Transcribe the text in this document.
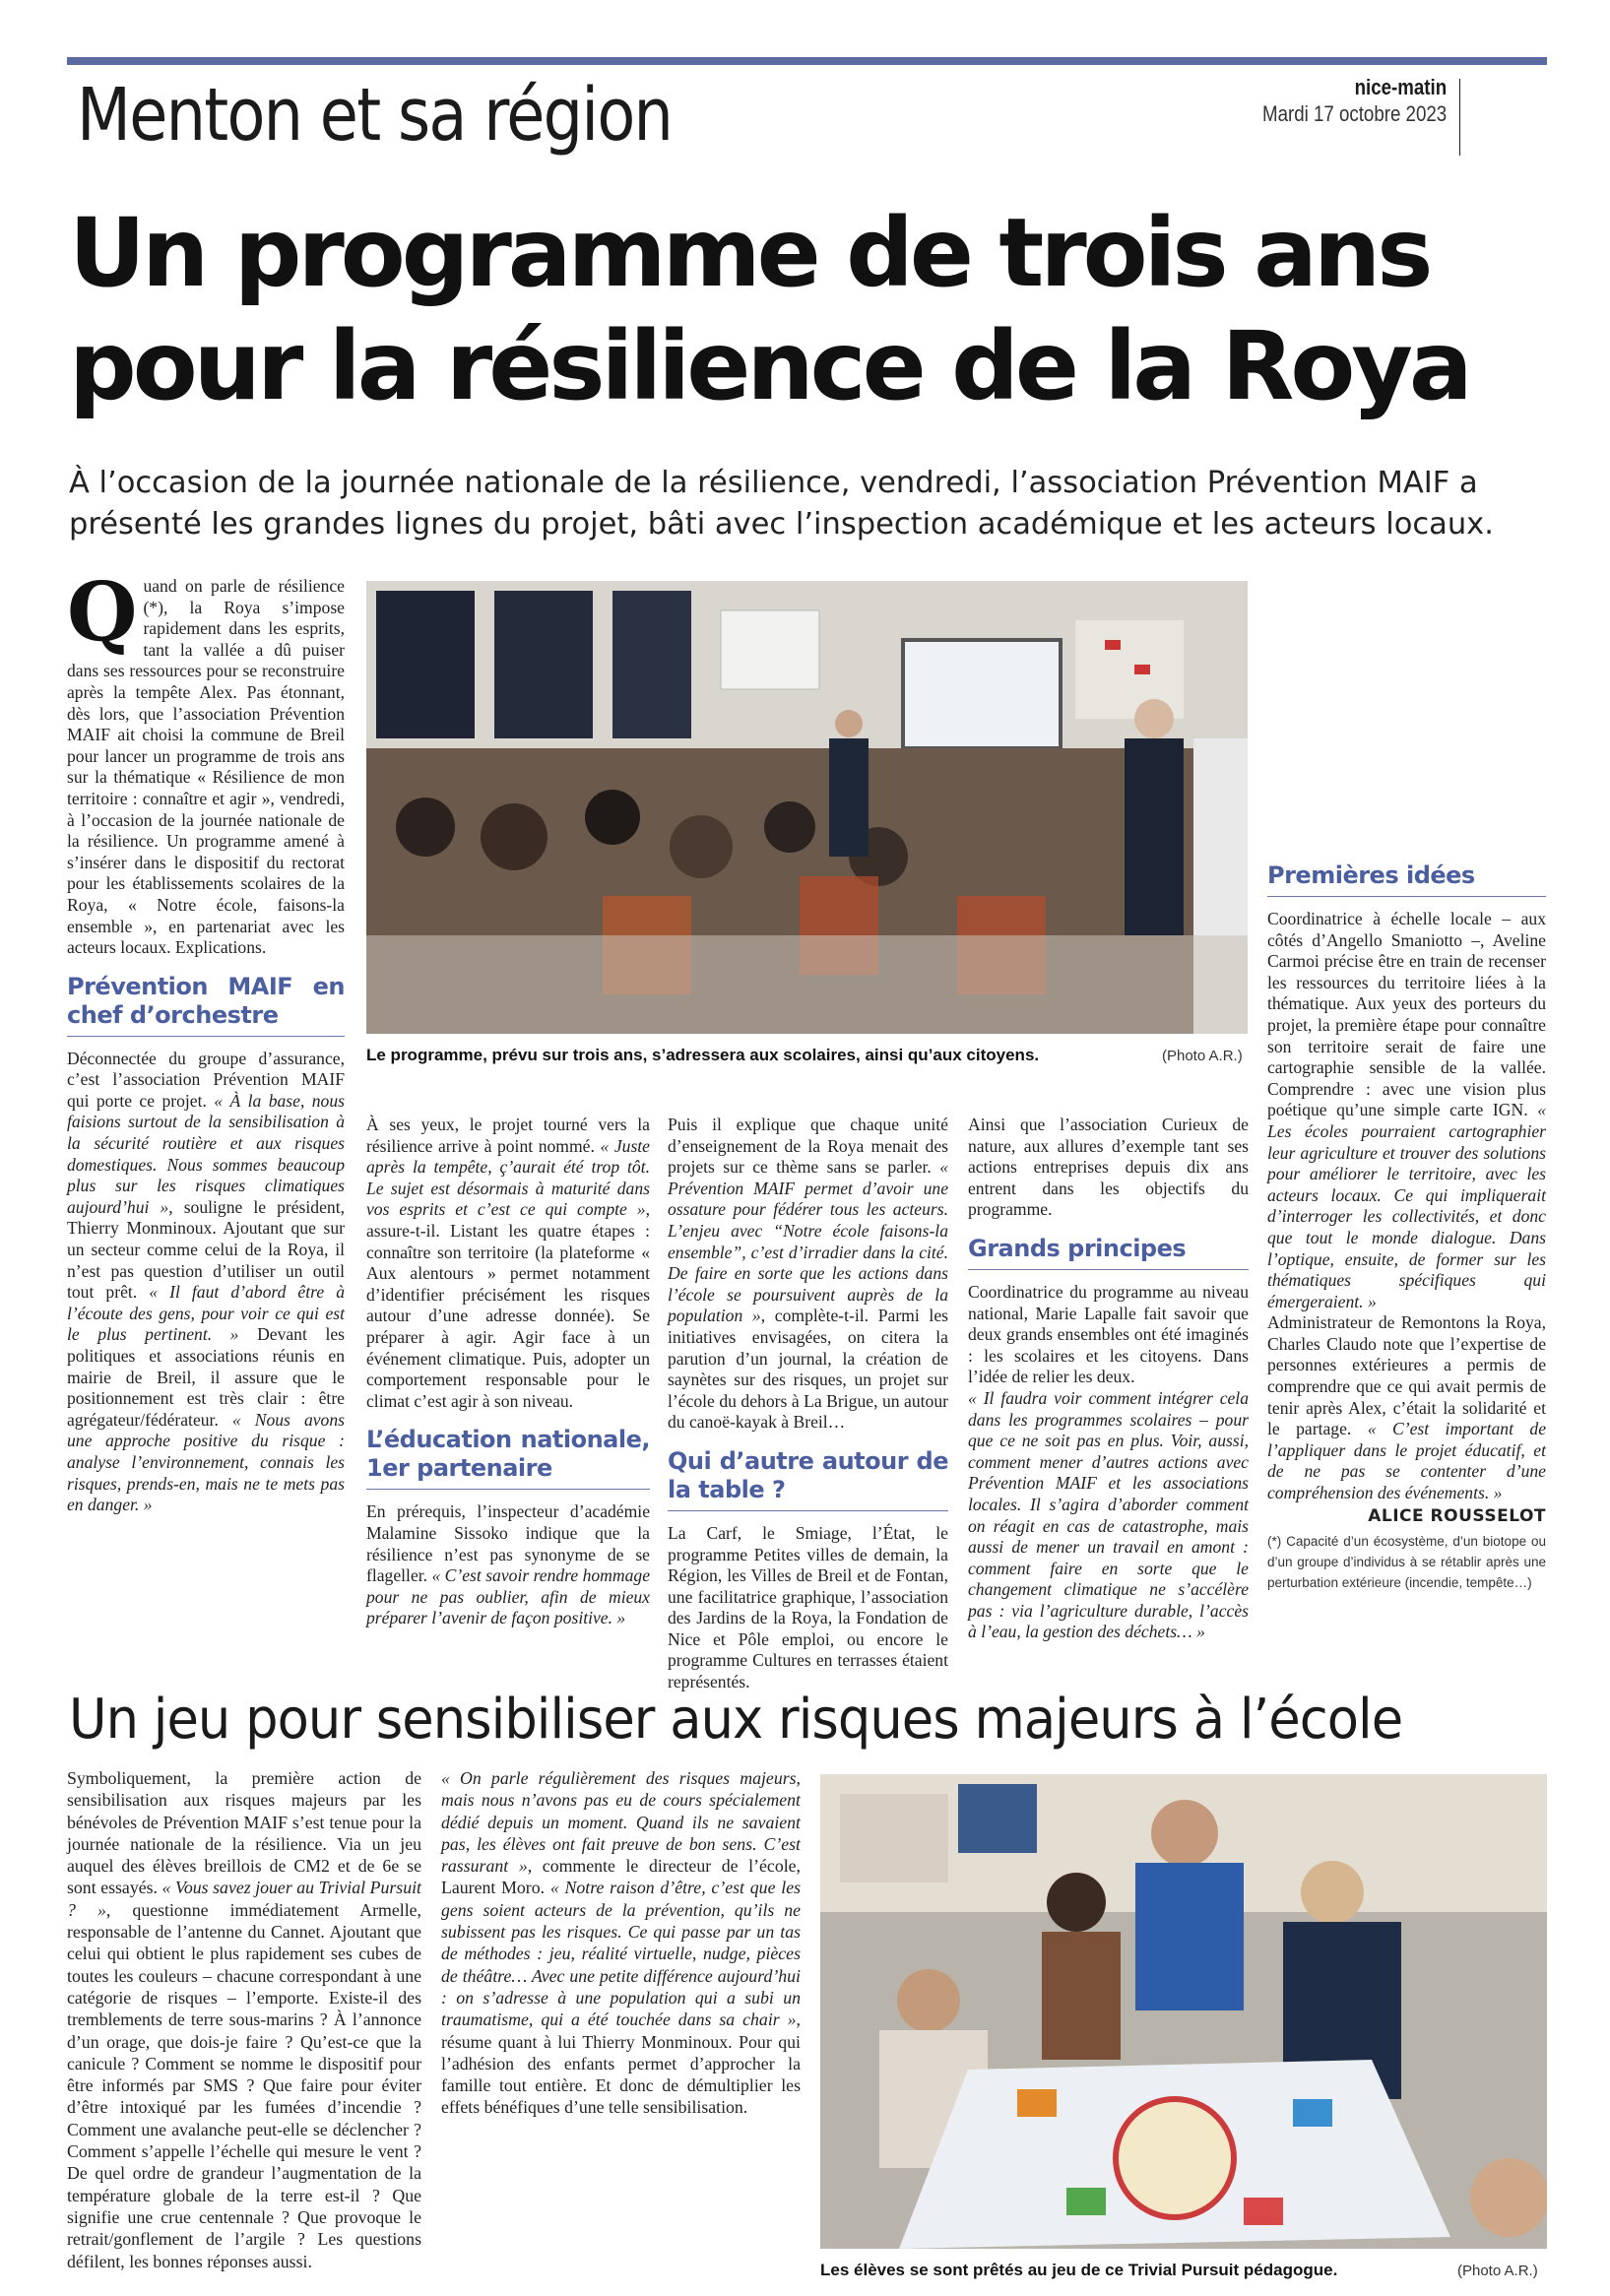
Menton et sa région	nice-matin
Mardi 17 octobre 2023
Un programme de trois ans pour la résilience de la Roya
À l’occasion de la journée nationale de la résilience, vendredi, l’association Prévention MAIF a présenté les grandes lignes du projet, bâti avec l’inspection académique et les acteurs locaux.

Quand on parle de résilience (*), la Roya s’impose rapidement dans les esprits, tant la vallée a dû puiser dans ses ressources pour se reconstruire après la tempête Alex. Pas étonnant, dès lors, que l’association Prévention MAIF ait choisi la commune de Breil pour lancer un programme de trois ans sur la thématique « Résilience de mon territoire : connaître et agir », vendredi, à l’occasion de la journée nationale de la résilience. Un programme amené à s’insérer dans le dispositif du rectorat pour les établissements scolaires de la Roya, « Notre école, faisons-la ensemble », en partenariat avec les acteurs locaux. Explications.

Prévention MAIF en chef d’orchestre

Déconnectée du groupe d’assurance, c’est l’association Prévention MAIF qui porte ce projet. « À la base, nous faisions surtout de la sensibilisation à la sécurité routière et aux risques domestiques. Nous sommes beaucoup plus sur les risques climatiques aujourd’hui », souligne le président, Thierry Monminoux. Ajoutant que sur un secteur comme celui de la Roya, il n’est pas question d’utiliser un outil tout prêt. « Il faut d’abord être à l’écoute des gens, pour voir ce qui est le plus pertinent. » Devant les politiques et associations réunis en mairie de Breil, il assure que le positionnement est très clair : être agrégateur/fédérateur. « Nous avons une approche positive du risque : analyse l’environnement, connais les risques, prends-en, mais ne te mets pas en danger. »

Le programme, prévu sur trois ans, s’adressera aux scolaires, ainsi qu’aux citoyens.	(Photo A.R.)

À ses yeux, le projet tourné vers la résilience arrive à point nommé. « Juste après la tempête, ç’aurait été trop tôt. Le sujet est désormais à maturité dans vos esprits et c’est ce qui compte », assure-t-il. Listant les quatre étapes : connaître son territoire (la plateforme « Aux alentours » permet notamment d’identifier précisément les risques autour d’une adresse donnée). Se préparer à agir. Agir face à un événement climatique. Puis, adopter un comportement responsable pour le climat c’est agir à son niveau.

L’éducation nationale, 1er partenaire

En prérequis, l’inspecteur d’académie Malamine Sissoko indique que la résilience n’est pas synonyme de se flageller. « C’est savoir rendre hommage pour ne pas oublier, afin de mieux préparer l’avenir de façon positive. »

Puis il explique que chaque unité d’enseignement de la Roya menait des projets sur ce thème sans se parler. « Prévention MAIF permet d’avoir une ossature pour fédérer tous les acteurs. L’enjeu avec “Notre école faisons-la ensemble”, c’est d’irradier dans la cité. De faire en sorte que les actions dans l’école se poursuivent auprès de la population », complète-t-il. Parmi les initiatives envisagées, on citera la parution d’un journal, la création de saynètes sur des risques, un projet sur l’école du dehors à La Brigue, un autour du canoë-kayak à Breil…

Qui d’autre autour de la table ?

La Carf, le Smiage, l’État, le programme Petites villes de demain, la Région, les Villes de Breil et de Fontan, une facilitatrice graphique, l’association des Jardins de la Roya, la Fondation de Nice et Pôle emploi, ou encore le programme Cultures en terrasses étaient représentés.

Ainsi que l’association Curieux de nature, aux allures d’exemple tant ses actions entreprises depuis dix ans entrent dans les objectifs du programme.

Grands principes

Coordinatrice du programme au niveau national, Marie Lapalle fait savoir que deux grands ensembles ont été imaginés : les scolaires et les citoyens. Dans l’idée de relier les deux.

« Il faudra voir comment intégrer cela dans les programmes scolaires – pour que ce ne soit pas en plus. Voir, aussi, comment mener d’autres actions avec Prévention MAIF et les associations locales. Il s’agira d’aborder comment on réagit en cas de catastrophe, mais aussi de mener un travail en amont : comment faire en sorte que le changement climatique ne s’accélère pas : via l’agriculture durable, l’accès à l’eau, la gestion des déchets… »

Premières idées

Coordinatrice à échelle locale – aux côtés d’Angello Smaniotto –, Aveline Carmoi précise être en train de recenser les ressources du territoire liées à la thématique. Aux yeux des porteurs du projet, la première étape pour connaître son territoire serait de faire une cartographie sensible de la vallée. Comprendre : avec une vision plus poétique qu’une simple carte IGN. « Les écoles pourraient cartographier leur agriculture et trouver des solutions pour améliorer le territoire, avec les acteurs locaux. Ce qui impliquerait d’interroger les collectivités, et donc que tout le monde dialogue. Dans l’optique, ensuite, de former sur les thématiques spécifiques qui émergeraient. »

Administrateur de Remontons la Roya, Charles Claudo note que l’expertise de personnes extérieures a permis de comprendre que ce qui avait permis de tenir après Alex, c’était la solidarité et le partage. « C’est important de l’appliquer dans le projet éducatif, et de ne pas se contenter d’une compréhension des événements. »

ALICE ROUSSELOT
(*) Capacité d’un écosystème, d’un biotope ou d’un groupe d’individus à se rétablir après une perturbation extérieure (incendie, tempête…)
Un jeu pour sensibiliser aux risques majeurs à l’école

Symboliquement, la première action de sensibilisation aux risques majeurs par les bénévoles de Prévention MAIF s’est tenue pour la journée nationale de la résilience. Via un jeu auquel des élèves breillois de CM2 et de 6e se sont essayés. « Vous savez jouer au Trivial Pursuit ? », questionne immédiatement Armelle, responsable de l’antenne du Cannet. Ajoutant que celui qui obtient le plus rapidement ses cubes de toutes les couleurs – chacune correspondant à une catégorie de risques – l’emporte. Existe-il des tremblements de terre sous-marins ? À l’annonce d’un orage, que dois-je faire ? Qu’est-ce que la canicule ? Comment se nomme le dispositif pour être informés par SMS ? Que faire pour éviter d’être intoxiqué par les fumées d’incendie ? Comment une avalanche peut-elle se déclencher ? Comment s’appelle l’échelle qui mesure le vent ? De quel ordre de grandeur l’augmentation de la température globale de la terre est-il ? Que signifie une crue centennale ? Que provoque le retrait/gonflement de l’argile ? Les questions défilent, les bonnes réponses aussi.

« On parle régulièrement des risques majeurs, mais nous n’avons pas eu de cours spécialement dédié depuis un moment. Quand ils ne savaient pas, les élèves ont fait preuve de bon sens. C’est rassurant », commente le directeur de l’école, Laurent Moro. « Notre raison d’être, c’est que les gens soient acteurs de la prévention, qu’ils ne subissent pas les risques. Ce qui passe par un tas de méthodes : jeu, réalité virtuelle, nudge, pièces de théâtre… Avec une petite différence aujourd’hui : on s’adresse à une population qui a subi un traumatisme, qui a été touchée dans sa chair », résume quant à lui Thierry Monminoux. Pour qui l’adhésion des enfants permet d’approcher la famille tout entière. Et donc de démultiplier les effets bénéfiques d’une telle sensibilisation.

Les élèves se sont prêtés au jeu de ce Trivial Pursuit pédagogue.	(Photo A.R.)
